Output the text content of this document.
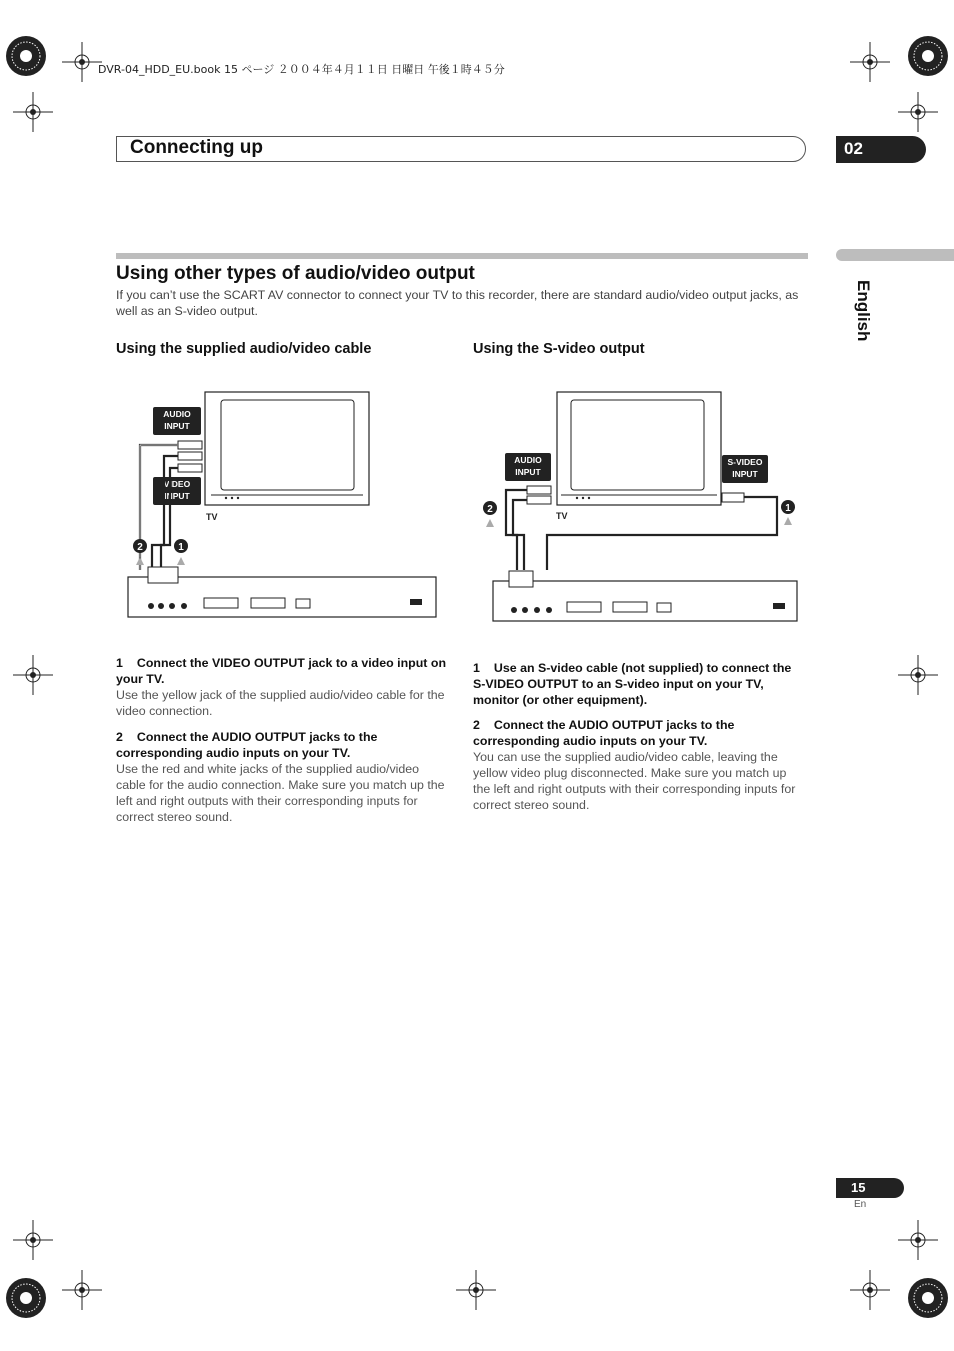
DVR-04_HDD_EU.book 15 ページ ２００４年４月１１日 日曜日 午後１時４５分
Connecting up	02
English
Using other types of audio/video output
If you can’t use the SCART AV connector to connect your TV to this recorder, there are standard audio/video output jacks, as well as an S-video output.
Using the supplied audio/video cable	Using the S-video output
TV
AUDIO
INPUT
VIDEO
INPUT
2	1
TV
AUDIO
INPUT
S-VIDEO
INPUT
2	1
1 Connect the VIDEO OUTPUT jack to a video input on your TV.
Use the yellow jack of the supplied audio/video cable for the video connection.
2 Connect the AUDIO OUTPUT jacks to the corresponding audio inputs on your TV.
Use the red and white jacks of the supplied audio/video cable for the audio connection. Make sure you match up the left and right outputs with their corresponding inputs for correct stereo sound.
1 Use an S-video cable (not supplied) to connect the S-VIDEO OUTPUT to an S-video input on your TV, monitor (or other equipment).
2 Connect the AUDIO OUTPUT jacks to the corresponding audio inputs on your TV.
You can use the supplied audio/video cable, leaving the yellow video plug disconnected. Make sure you match up the left and right outputs with their corresponding inputs for correct stereo sound.
15
En
